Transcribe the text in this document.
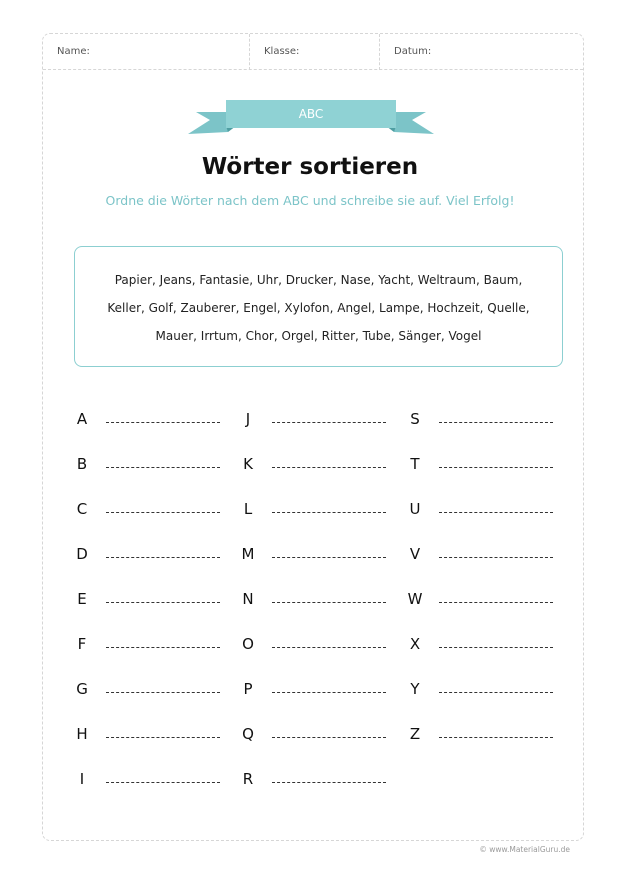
Name:	Klasse:	Datum:
ABC
Wörter sortieren
Ordne die Wörter nach dem ABC und schreibe sie auf. Viel Erfolg!
Papier, Jeans, Fantasie, Uhr, Drucker, Nase, Yacht, Weltraum, Baum,
Keller, Golf, Zauberer, Engel, Xylofon, Angel, Lampe, Hochzeit, Quelle,
Mauer, Irrtum, Chor, Orgel, Ritter, Tube, Sänger, Vogel
A
B
C
D
E
F
G
H
I
J
K
L
M
N
O
P
Q
R
S
T
U
V
W
X
Y
Z
© www.MaterialGuru.de
